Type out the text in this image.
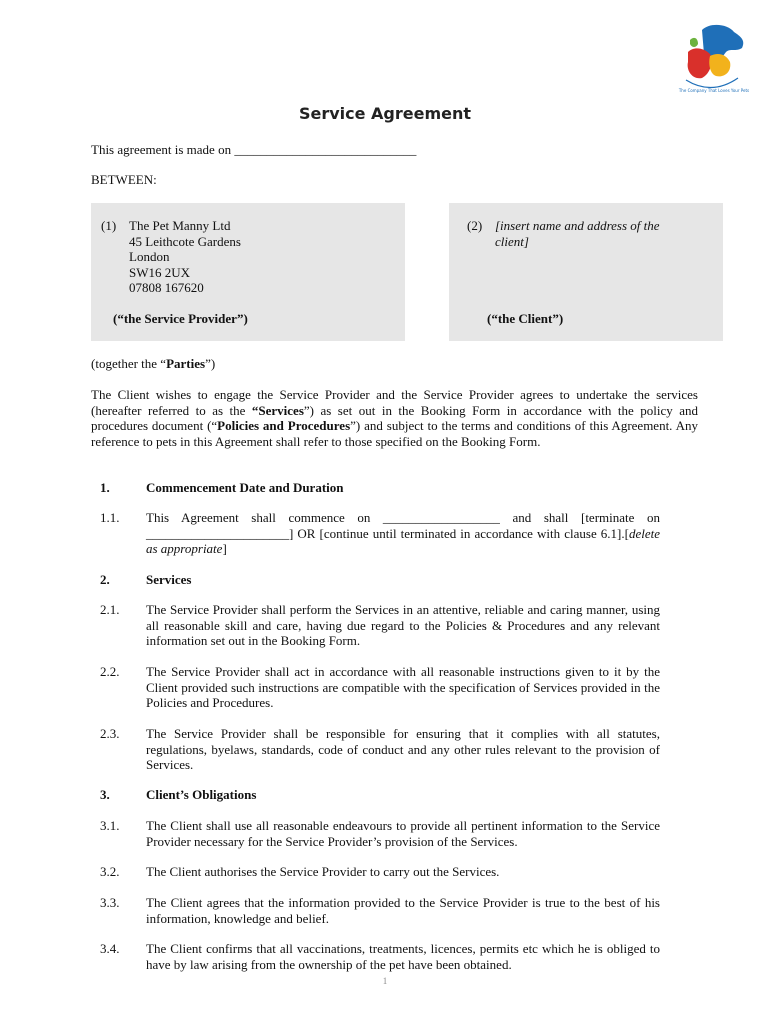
The Company That Loves Your Pets
Service Agreement
This agreement is made on ____________________________
BETWEEN:
(1) The Pet Manny Ltd
45 Leithcote Gardens
London
SW16 2UX
07808 167620
(“the Service Provider”)
(2) [insert name and address of the
client]
(“the Client”)
(together the “Parties”)
The Client wishes to engage the Service Provider and the Service Provider agrees to undertake the services (hereafter referred to as the “Services”) as set out in the Booking Form in accordance with the policy and procedures document (“Policies and Procedures”) and subject to the terms and conditions of this Agreement. Any reference to pets in this Agreement shall refer to those specified on the Booking Form.
1.	Commencement Date and Duration
1.1. This Agreement shall commence on __________________ and shall [terminate on ______________________] OR [continue until terminated in accordance with clause 6.1].[delete as appropriate]
2.	Services
2.1. The Service Provider shall perform the Services in an attentive, reliable and caring manner, using all reasonable skill and care, having due regard to the Policies & Procedures and any relevant information set out in the Booking Form.
2.2. The Service Provider shall act in accordance with all reasonable instructions given to it by the Client provided such instructions are compatible with the specification of Services provided in the Policies and Procedures.
2.3. The Service Provider shall be responsible for ensuring that it complies with all statutes, regulations, byelaws, standards, code of conduct and any other rules relevant to the provision of Services.
3.	Client’s Obligations
3.1. The Client shall use all reasonable endeavours to provide all pertinent information to the Service Provider necessary for the Service Provider’s provision of the Services.
3.2. The Client authorises the Service Provider to carry out the Services.
3.3. The Client agrees that the information provided to the Service Provider is true to the best of his information, knowledge and belief.
3.4. The Client confirms that all vaccinations, treatments, licences, permits etc which he is obliged to have by law arising from the ownership of the pet have been obtained.
1
